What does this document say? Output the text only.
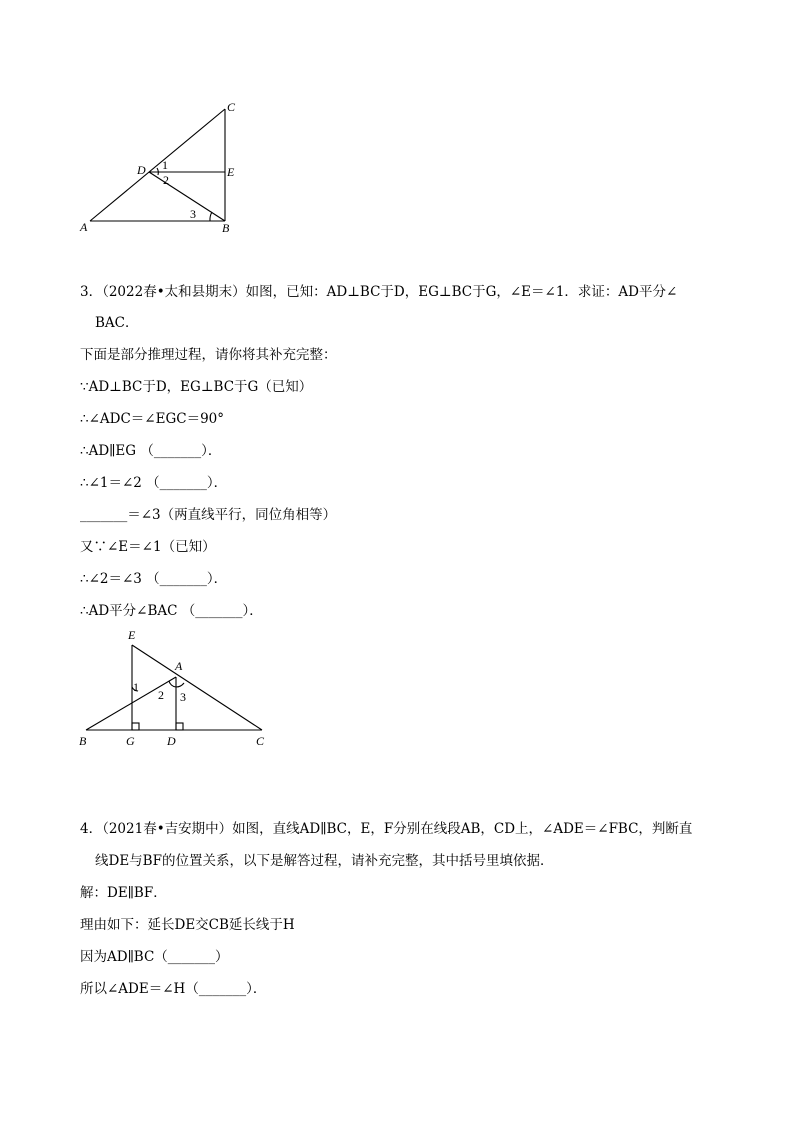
C
D	E
A	B
1
2
3
3．（2022春•太和县期末）如图，已知：AD⊥BC于D，EG⊥BC于G，∠E＝∠1．求证：AD平分∠
BAC．
下面是部分推理过程，请你将其补充完整：
∵AD⊥BC于D，EG⊥BC于G（已知）
∴∠ADC＝∠EGC＝90°
∴AD∥EG （_______）．
∴∠1＝∠2 （_______）．
_______＝∠3（两直线平行，同位角相等）
又∵∠E＝∠1（已知）
∴∠2＝∠3 （_______）．
∴AD平分∠BAC （_______）．
E
A
1
2 3
B	G	D	C
4．（2021春•吉安期中）如图，直线AD∥BC，E，F分别在线段AB，CD上，∠ADE＝∠FBC，判断直
线DE与BF的位置关系，以下是解答过程，请补充完整，其中括号里填依据．
解：DE∥BF．
理由如下：延长DE交CB延长线于H
因为AD∥BC（_______）
所以∠ADE＝∠H（_______）．
